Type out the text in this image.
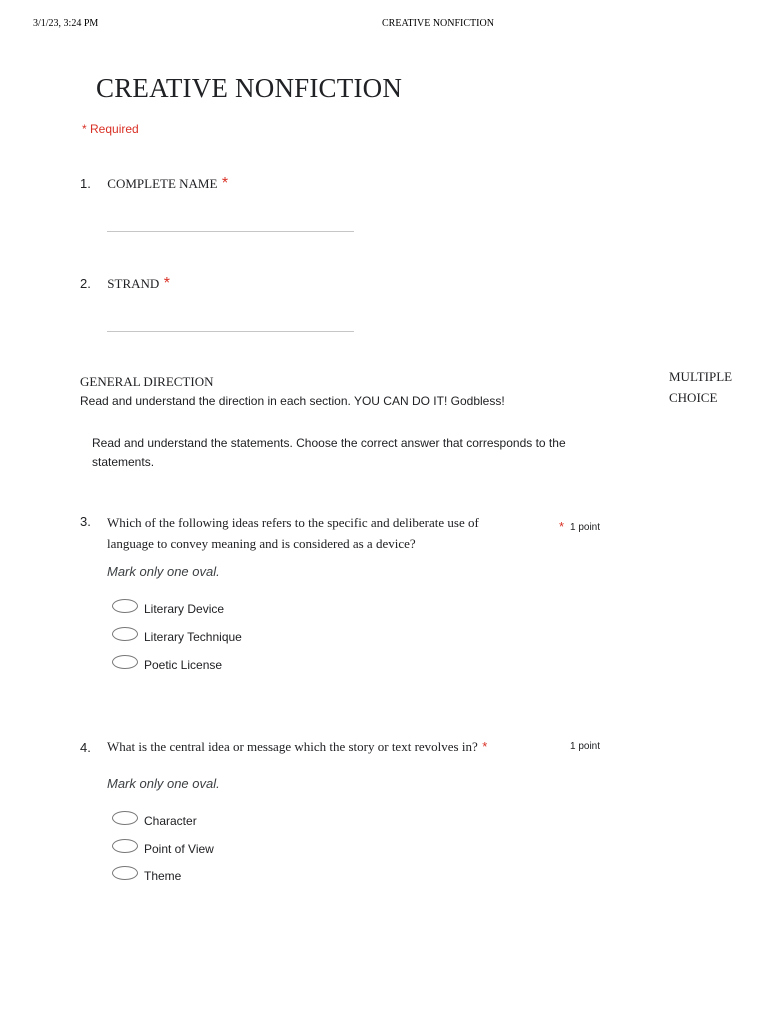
3/1/23, 3:24 PM	CREATIVE NONFICTION
CREATIVE NONFICTION
* Required
1. COMPLETE NAME *
2. STRAND *
GENERAL DIRECTION
Read and understand the direction in each section. YOU CAN DO IT! Godbless!
MULTIPLE CHOICE
Read and understand the statements. Choose the correct answer that corresponds to the statements.
3. Which of the following ideas refers to the specific and deliberate use of language to convey meaning and is considered as a device?
* 1 point
Mark only one oval.
Literary Device
Literary Technique
Poetic License
4. What is the central idea or message which the story or text revolves in? *	1 point
Mark only one oval.
Character
Point of View
Theme
